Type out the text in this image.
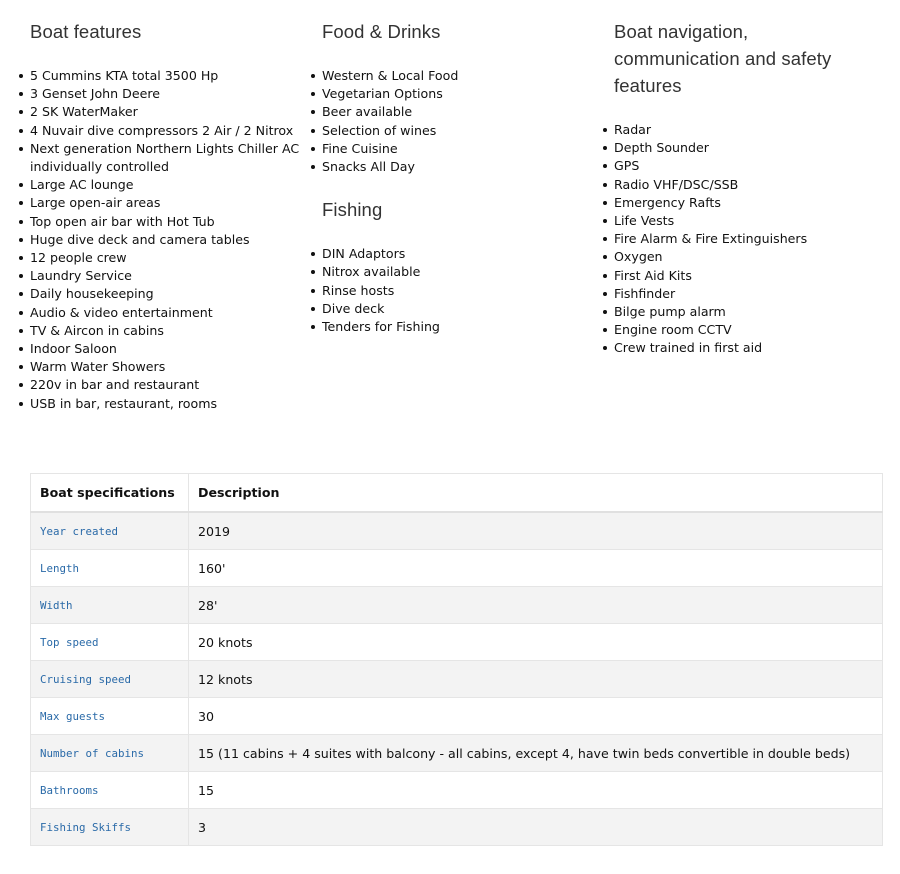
Boat features
5 Cummins KTA total 3500 Hp
3 Genset John Deere
2 SK WaterMaker
4 Nuvair dive compressors 2 Air / 2 Nitrox
Next generation Northern Lights Chiller AC individually controlled
Large AC lounge
Large open-air areas
Top open air bar with Hot Tub
Huge dive deck and camera tables
12 people crew
Laundry Service
Daily housekeeping
Audio & video entertainment
TV & Aircon in cabins
Indoor Saloon
Warm Water Showers
220v in bar and restaurant
USB in bar, restaurant, rooms
Food & Drinks
Western & Local Food
Vegetarian Options
Beer available
Selection of wines
Fine Cuisine
Snacks All Day
Fishing
DIN Adaptors
Nitrox available
Rinse hosts
Dive deck
Tenders for Fishing
Boat navigation, communication and safety features
Radar
Depth Sounder
GPS
Radio VHF/DSC/SSB
Emergency Rafts
Life Vests
Fire Alarm & Fire Extinguishers
Oxygen
First Aid Kits
Fishfinder
Bilge pump alarm
Engine room CCTV
Crew trained in first aid
Boat specifications	Description
Year created	2019
Length	160'
Width	28'
Top speed	20 knots
Cruising speed	12 knots
Max guests	30
Number of cabins	15 (11 cabins + 4 suites with balcony - all cabins, except 4, have twin beds convertible in double beds)
Bathrooms	15
Fishing Skiffs	3
